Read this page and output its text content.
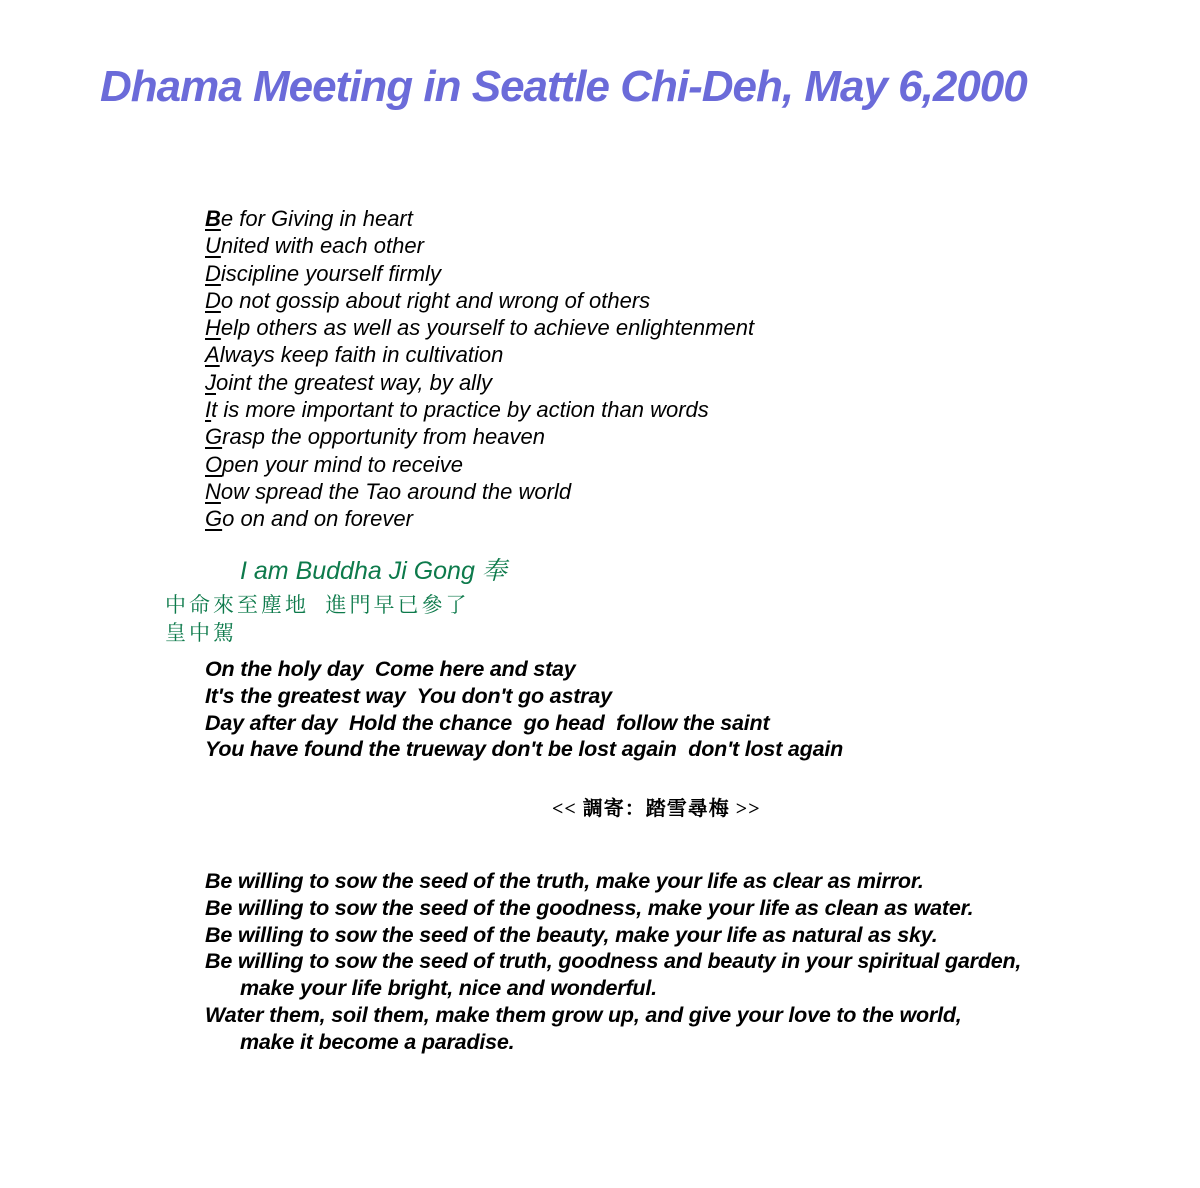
Dhama Meeting in Seattle Chi-Deh, May 6,2000
Be for Giving in heart
United with each other
Discipline yourself firmly
Do not gossip about right and wrong of others
Help others as well as yourself to achieve enlightenment
Always keep faith in cultivation
Joint the greatest way, by ally
It is more important to practice by action than words
Grasp the opportunity from heaven
Open your mind to receive
Now spread the Tao around the world
Go on and on forever
I am Buddha Ji Gong 奉
中命來至塵地  進門早已參了
皇中駕
On the holy day  Come here and stay
It's the greatest way  You don't go astray
Day after day  Hold the chance  go head  follow the saint
You have found the trueway don't be lost again  don't lost again
<< 調寄：踏雪尋梅 >>
Be willing to sow the seed of the truth, make your life as clear as mirror.
Be willing to sow the seed of the goodness, make your life as clean as water.
Be willing to sow the seed of the beauty, make your life as natural as sky.
Be willing to sow the seed of truth, goodness and beauty in your spiritual garden,
make your life bright, nice and wonderful.
Water them, soil them, make them grow up, and give your love to the world,
make it become a paradise.
